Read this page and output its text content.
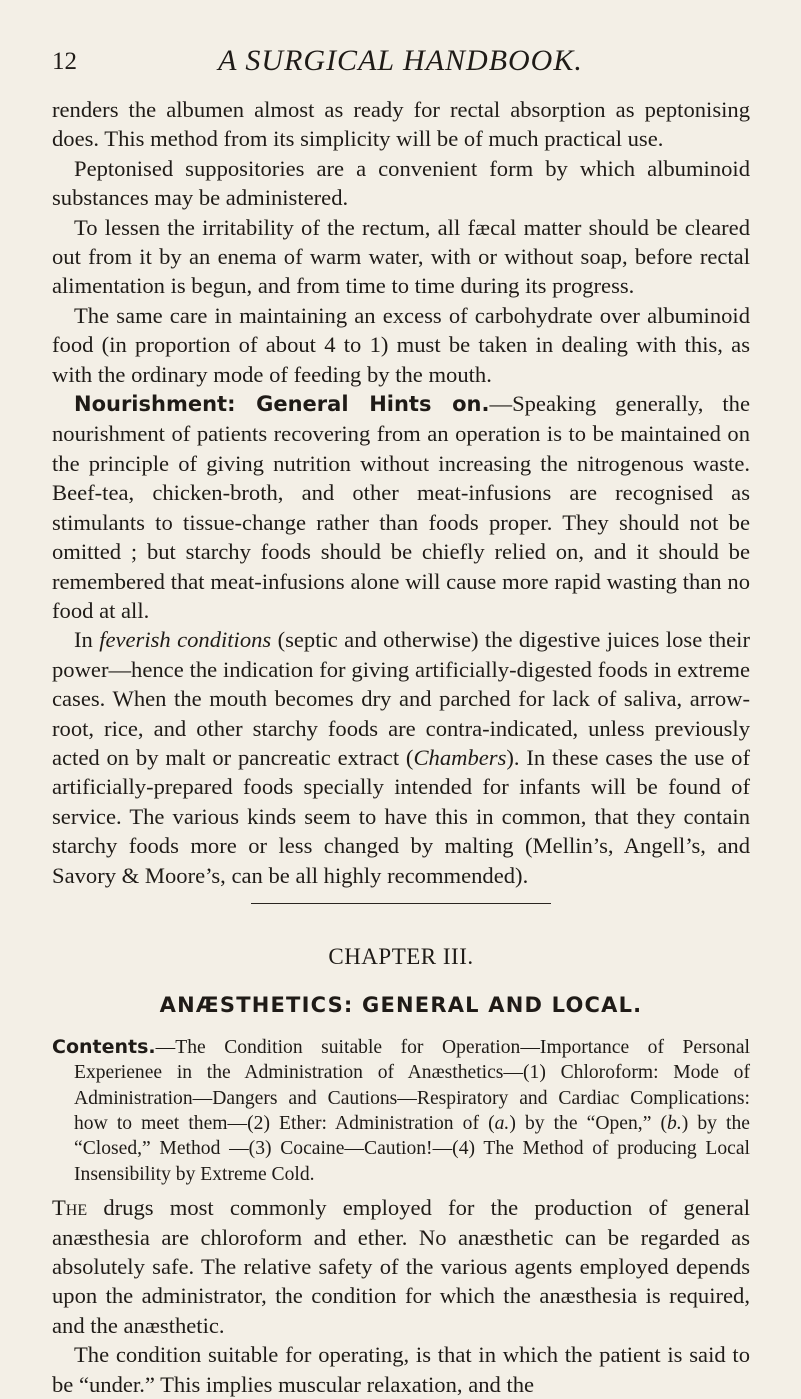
12	A SURGICAL HANDBOOK.

renders the albumen almost as ready for rectal absorption as peptonising does. This method from its simplicity will be of much practical use.

Peptonised suppositories are a convenient form by which albuminoid substances may be administered.

To lessen the irritability of the rectum, all fæcal matter should be cleared out from it by an enema of warm water, with or without soap, before rectal alimentation is begun, and from time to time during its progress.

The same care in maintaining an excess of carbohydrate over albuminoid food (in proportion of about 4 to 1) must be taken in dealing with this, as with the ordinary mode of feeding by the mouth.

Nourishment: General Hints on.—Speaking generally, the nourishment of patients recovering from an operation is to be maintained on the principle of giving nutrition without increasing the nitrogenous waste. Beef-tea, chicken-broth, and other meat-infusions are recognised as stimulants to tissue-change rather than foods proper. They should not be omitted ; but starchy foods should be chiefly relied on, and it should be remembered that meat-infusions alone will cause more rapid wasting than no food at all.

In feverish conditions (septic and otherwise) the digestive juices lose their power—hence the indication for giving artificially-digested foods in extreme cases. When the mouth becomes dry and parched for lack of saliva, arrow-root, rice, and other starchy foods are contra-indicated, unless previously acted on by malt or pancreatic extract (Chambers). In these cases the use of artificially-prepared foods specially intended for infants will be found of service. The various kinds seem to have this in common, that they contain starchy foods more or less changed by malting (Mellin’s, Angell’s, and Savory & Moore’s, can be all highly recommended).

CHAPTER III.

ANÆSTHETICS: GENERAL AND LOCAL.

Contents.—The Condition suitable for Operation—Importance of Personal Experienee in the Administration of Anæsthetics—(1) Chloroform: Mode of Administration—Dangers and Cautions—Respiratory and Cardiac Complications: how to meet them—(2) Ether: Administration of (a.) by the “Open,” (b.) by the “Closed,” Method —(3) Cocaine—Caution!—(4) The Method of producing Local Insensibility by Extreme Cold.

The drugs most commonly employed for the production of general anæsthesia are chloroform and ether. No anæsthetic can be regarded as absolutely safe. The relative safety of the various agents employed depends upon the administrator, the condition for which the anæsthesia is required, and the anæsthetic.

The condition suitable for operating, is that in which the patient is said to be “under.” This implies muscular relaxation, and the
